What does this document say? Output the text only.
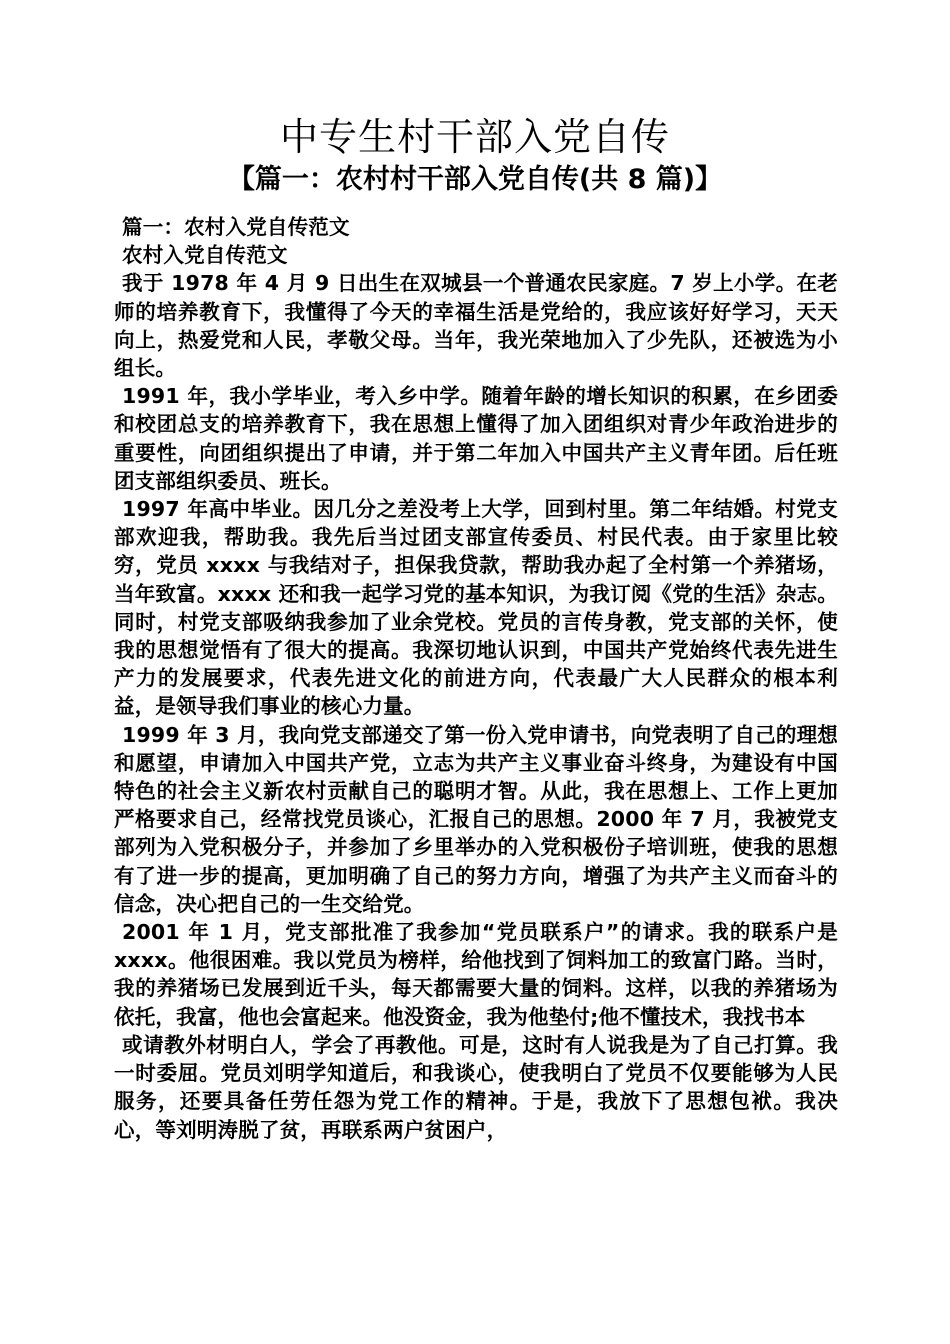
中专生村干部入党自传
【篇一：农村村干部入党自传(共 8 篇)】

篇一：农村入党自传范文

农村入党自传范文

我于 1978 年 4 月 9 日出生在双城县一个普通农民家庭。7 岁上小学。在老师的培养教育下，我懂得了今天的幸福生活是党给的，我应该好好学习，天天向上，热爱党和人民，孝敬父母。当年，我光荣地加入了少先队，还被选为小组长。

1991 年，我小学毕业，考入乡中学。随着年龄的增长知识的积累，在乡团委和校团总支的培养教育下，我在思想上懂得了加入团组织对青少年政治进步的重要性，向团组织提出了申请，并于第二年加入中国共产主义青年团。后任班团支部组织委员、班长。

1997 年高中毕业。因几分之差没考上大学，回到村里。第二年结婚。村党支部欢迎我，帮助我。我先后当过团支部宣传委员、村民代表。由于家里比较穷，党员 xxxx 与我结对子，担保我贷款，帮助我办起了全村第一个养猪场，当年致富。xxxx 还和我一起学习党的基本知识，为我订阅《党的生活》杂志。同时，村党支部吸纳我参加了业余党校。党员的言传身教，党支部的关怀，使我的思想觉悟有了很大的提高。我深切地认识到，中国共产党始终代表先进生产力的发展要求，代表先进文化的前进方向，代表最广大人民群众的根本利益，是领导我们事业的核心力量。

1999 年 3 月，我向党支部递交了第一份入党申请书，向党表明了自己的理想和愿望，申请加入中国共产党，立志为共产主义事业奋斗终身，为建设有中国特色的社会主义新农村贡献自己的聪明才智。从此，我在思想上、工作上更加严格要求自己，经常找党员谈心，汇报自己的思想。2000 年 7 月，我被党支部列为入党积极分子，并参加了乡里举办的入党积极份子培训班，使我的思想有了进一步的提高，更加明确了自己的努力方向，增强了为共产主义而奋斗的信念，决心把自己的一生交给党。

2001 年 1 月，党支部批准了我参加“党员联系户”的请求。我的联系户是 xxxx。他很困难。我以党员为榜样，给他找到了饲料加工的致富门路。当时，我的养猪场已发展到近千头，每天都需要大量的饲料。这样，以我的养猪场为依托，我富，他也会富起来。他没资金，我为他垫付;他不懂技术，我找书本

或请教外材明白人，学会了再教他。可是，这时有人说我是为了自己打算。我一时委屈。党员刘明学知道后，和我谈心，使我明白了党员不仅要能够为人民服务，还要具备任劳任怨为党工作的精神。于是，我放下了思想包袱。我决心，等刘明涛脱了贫，再联系两户贫困户，
